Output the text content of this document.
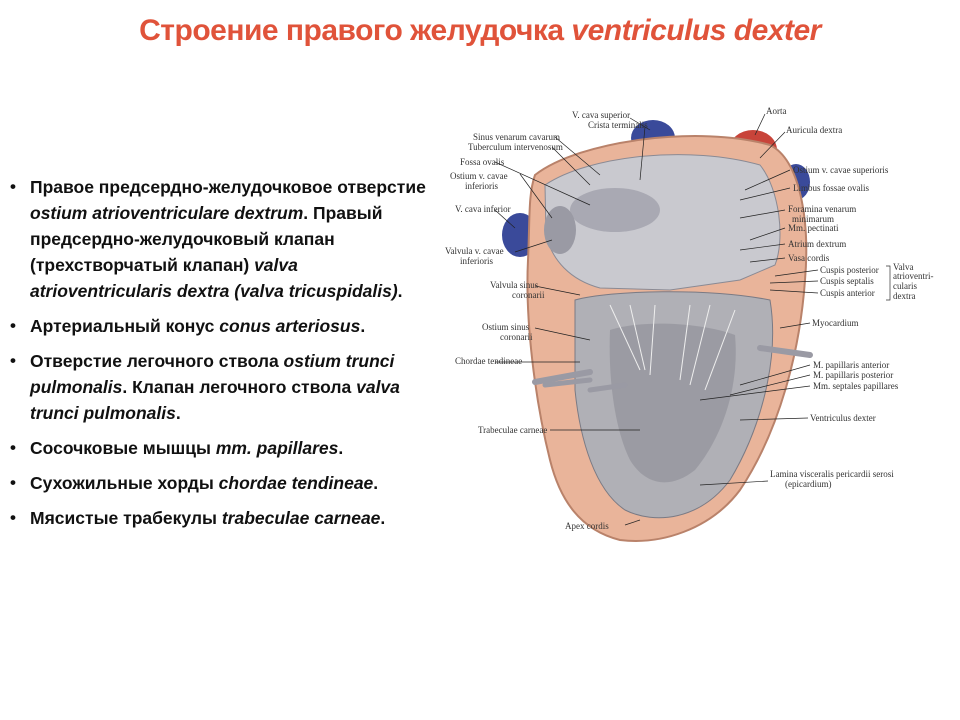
Строение правого желудочка ventriculus dexter
• Правое предсердно-желудочковое отверстие ostium atrioventriculare dextrum. Правый предсердно-желудочковый клапан (трехстворчатый клапан) valva atrioventricularis dextra (valva tricuspidalis).
• Артериальный конус conus arteriosus.
• Отверстие легочного ствола ostium trunci pulmonalis. Клапан легочного ствола valva trunci pulmonalis.
• Сосочковые мышцы mm. papillares.
• Сухожильные хорды chordae tendineae.
• Мясистые трабекулы trabeculae carneae.
V. cava superior	Aorta
Crista terminalis	Auricula dextra
Sinus venarum cavarum
Tuberculum intervenosum
Fossa ovalis
Ostium v. cavae
inferioris
Ostium v. cavae superioris
Limbus fossae ovalis
V. cava inferior	Foramina venarum
minimarum
Mm. pectinati
Valvula v. cavae
inferioris
Atrium dextrum
Vasa cordis
Valvula sinus
coronarii
Cuspis posterior
Cuspis septalis
Cuspis anterior
Valva
atrioventri-
cularis
dextra
Ostium sinus
coronarii
Myocardium
Chordae tendineae	M. papillaris anterior
M. papillaris posterior
Mm. septales papillares
Ventriculus dexter
Trabeculae carneae
Lamina visceralis pericardii serosi
(epicardium)
Apex cordis
